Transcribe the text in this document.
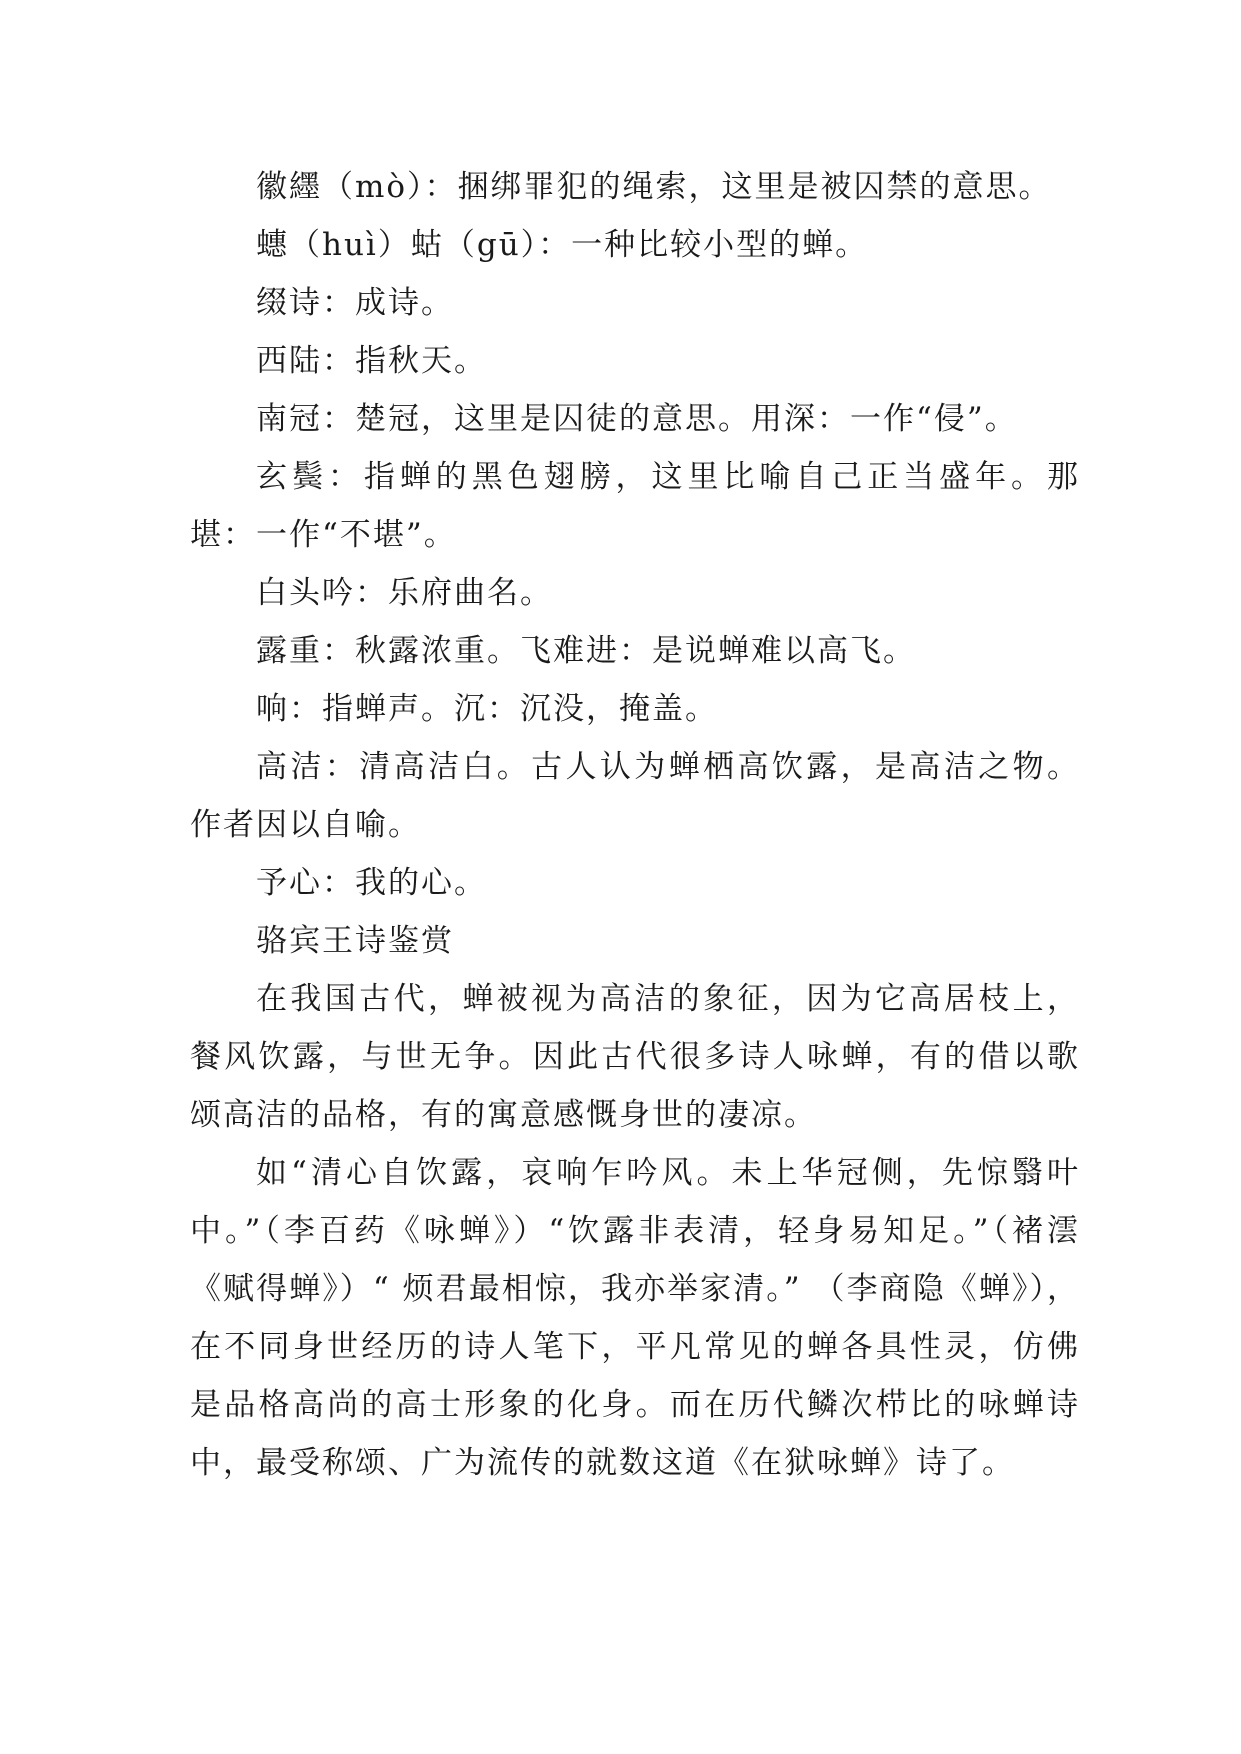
徽纆（mò）：捆绑罪犯的绳索，这里是被囚禁的意思。

蟪（huì）蛄（gū）：一种比较小型的蝉。

缀诗：成诗。

西陆：指秋天。

南冠：楚冠，这里是囚徒的意思。用深：一作“侵”。

玄鬓：指蝉的黑色翅膀，这里比喻自己正当盛年。那堪：一作“不堪”。

白头吟：乐府曲名。

露重：秋露浓重。飞难进：是说蝉难以高飞。

响：指蝉声。沉：沉没，掩盖。

高洁：清高洁白。古人认为蝉栖高饮露，是高洁之物。作者因以自喻。

予心：我的心。

骆宾王诗鉴赏

在我国古代，蝉被视为高洁的象征，因为它高居枝上，餐风饮露，与世无争。因此古代很多诗人咏蝉，有的借以歌颂高洁的品格，有的寓意感慨身世的凄凉。

如“清心自饮露，哀响乍吟风。未上华冠侧，先惊翳叶中。”（李百药《咏蝉》）“饮露非表清，轻身易知足。”（褚澐《赋得蝉》）“ 烦君最相惊，我亦举家清。” （李商隐《蝉》），在不同身世经历的诗人笔下，平凡常见的蝉各具性灵，仿佛是品格高尚的高士形象的化身。而在历代鳞次栉比的咏蝉诗中，最受称颂、广为流传的就数这道《在狱咏蝉》诗了。
